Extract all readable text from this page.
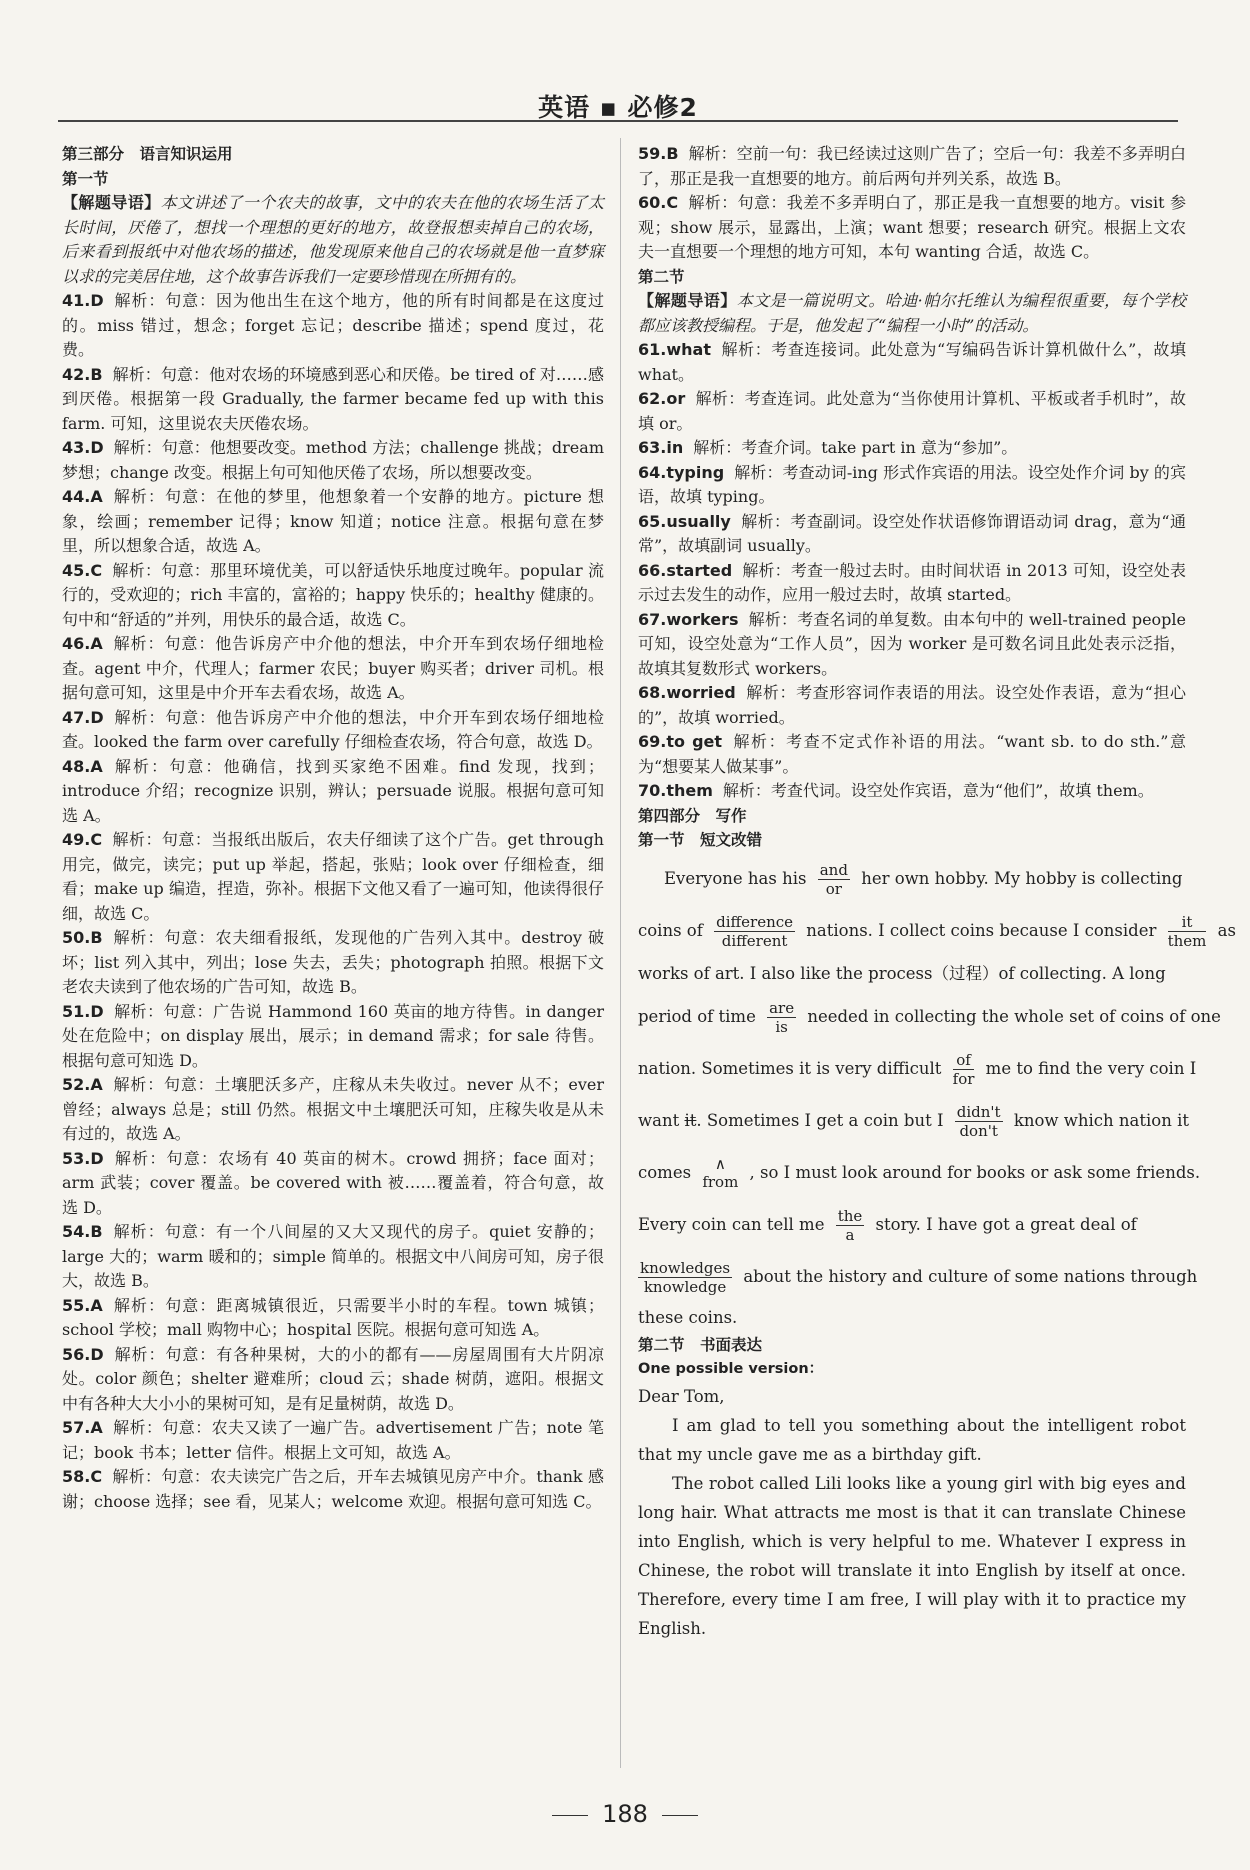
英语 ▪ 必修2

第三部分　语言知识运用

第一节

【解题导语】本文讲述了一个农夫的故事，文中的农夫在他的农场生活了太长时间，厌倦了，想找一个理想的更好的地方，故登报想卖掉自己的农场，后来看到报纸中对他农场的描述，他发现原来他自己的农场就是他一直梦寐以求的完美居住地，这个故事告诉我们一定要珍惜现在所拥有的。

41.D 解析：句意：因为他出生在这个地方，他的所有时间都是在这度过的。miss 错过，想念；forget 忘记；describe 描述；spend 度过，花费。

42.B 解析：句意：他对农场的环境感到恶心和厌倦。be tired of 对……感到厌倦。根据第一段 Gradually, the farmer became fed up with this farm. 可知，这里说农夫厌倦农场。

43.D 解析：句意：他想要改变。method 方法；challenge 挑战；dream 梦想；change 改变。根据上句可知他厌倦了农场，所以想要改变。

44.A 解析：句意：在他的梦里，他想象着一个安静的地方。picture 想象，绘画；remember 记得；know 知道；notice 注意。根据句意在梦里，所以想象合适，故选 A。

45.C 解析：句意：那里环境优美，可以舒适快乐地度过晚年。popular 流行的，受欢迎的；rich 丰富的，富裕的；happy 快乐的；healthy 健康的。句中和“舒适的”并列，用快乐的最合适，故选 C。

46.A 解析：句意：他告诉房产中介他的想法，中介开车到农场仔细地检查。agent 中介，代理人；farmer 农民；buyer 购买者；driver 司机。根据句意可知，这里是中介开车去看农场，故选 A。

47.D 解析：句意：他告诉房产中介他的想法，中介开车到农场仔细地检查。looked the farm over carefully 仔细检查农场，符合句意，故选 D。

48.A 解析：句意：他确信，找到买家绝不困难。find 发现，找到；introduce 介绍；recognize 识别，辨认；persuade 说服。根据句意可知选 A。

49.C 解析：句意：当报纸出版后，农夫仔细读了这个广告。get through 用完，做完，读完；put up 举起，搭起，张贴；look over 仔细检查，细看；make up 编造，捏造，弥补。根据下文他又看了一遍可知，他读得很仔细，故选 C。

50.B 解析：句意：农夫细看报纸，发现他的广告列入其中。destroy 破坏；list 列入其中，列出；lose 失去，丢失；photograph 拍照。根据下文老农夫读到了他农场的广告可知，故选 B。

51.D 解析：句意：广告说 Hammond 160 英亩的地方待售。in danger 处在危险中；on display 展出，展示；in demand 需求；for sale 待售。根据句意可知选 D。

52.A 解析：句意：土壤肥沃多产，庄稼从未失收过。never 从不；ever 曾经；always 总是；still 仍然。根据文中土壤肥沃可知，庄稼失收是从未有过的，故选 A。

53.D 解析：句意：农场有 40 英亩的树木。crowd 拥挤；face 面对；arm 武装；cover 覆盖。be covered with 被……覆盖着，符合句意，故选 D。

54.B 解析：句意：有一个八间屋的又大又现代的房子。quiet 安静的；large 大的；warm 暖和的；simple 简单的。根据文中八间房可知，房子很大，故选 B。

55.A 解析：句意：距离城镇很近，只需要半小时的车程。town 城镇；school 学校；mall 购物中心；hospital 医院。根据句意可知选 A。

56.D 解析：句意：有各种果树，大的小的都有——房屋周围有大片阴凉处。color 颜色；shelter 避难所；cloud 云；shade 树荫，遮阳。根据文中有各种大大小小的果树可知，是有足量树荫，故选 D。

57.A 解析：句意：农夫又读了一遍广告。advertisement 广告；note 笔记；book 书本；letter 信件。根据上文可知，故选 A。

58.C 解析：句意：农夫读完广告之后，开车去城镇见房产中介。thank 感谢；choose 选择；see 看，见某人；welcome 欢迎。根据句意可知选 C。

59.B 解析：空前一句：我已经读过这则广告了；空后一句：我差不多弄明白了，那正是我一直想要的地方。前后两句并列关系，故选 B。

60.C 解析：句意：我差不多弄明白了，那正是我一直想要的地方。visit 参观；show 展示，显露出，上演；want 想要；research 研究。根据上文农夫一直想要一个理想的地方可知，本句 wanting 合适，故选 C。

第二节

【解题导语】本文是一篇说明文。哈迪·帕尔托维认为编程很重要，每个学校都应该教授编程。于是，他发起了“编程一小时”的活动。

61.what 解析：考查连接词。此处意为“写编码告诉计算机做什么”，故填 what。

62.or 解析：考查连词。此处意为“当你使用计算机、平板或者手机时”，故填 or。

63.in 解析：考查介词。take part in 意为“参加”。

64.typing 解析：考查动词-ing 形式作宾语的用法。设空处作介词 by 的宾语，故填 typing。

65.usually 解析：考查副词。设空处作状语修饰谓语动词 drag，意为“通常”，故填副词 usually。

66.started 解析：考查一般过去时。由时间状语 in 2013 可知，设空处表示过去发生的动作，应用一般过去时，故填 started。

67.workers 解析：考查名词的单复数。由本句中的 well-trained people 可知，设空处意为“工作人员”，因为 worker 是可数名词且此处表示泛指，故填其复数形式 workers。

68.worried 解析：考查形容词作表语的用法。设空处作表语，意为“担心的”，故填 worried。

69.to get 解析：考查不定式作补语的用法。“want sb. to do sth.”意为“想要某人做某事”。

70.them 解析：考查代词。设空处作宾语，意为“他们”，故填 them。

第四部分　写作

第一节　短文改错

Everyone has his and
or
her own hobby. My hobby is collecting
coins of difference
different
nations. I collect coins because I consider	it
them
as
works of art. I also like the process（过程）of collecting. A long
period of time are
is
needed in collecting the whole set of coins of one
nation. Sometimes it is very difficult of
for
me to find the very coin I
want it. Sometimes I get a coin but I didn't
don't
know which nation it
comes	∧
from
, so I must look around for books or ask some friends.
Every coin can tell me the
a
story. I have got a great deal of
knowledges
knowledge
about the history and culture of some nations through
these coins.

第二节　书面表达

One possible version：

Dear Tom,

I am glad to tell you something about the intelligent robot that my uncle gave me as a birthday gift.

The robot called Lili looks like a young girl with big eyes and long hair. What attracts me most is that it can translate Chinese into English, which is very helpful to me. Whatever I express in Chinese, the robot will translate it into English by itself at once. Therefore, every time I am free, I will play with it to practice my English.

188
